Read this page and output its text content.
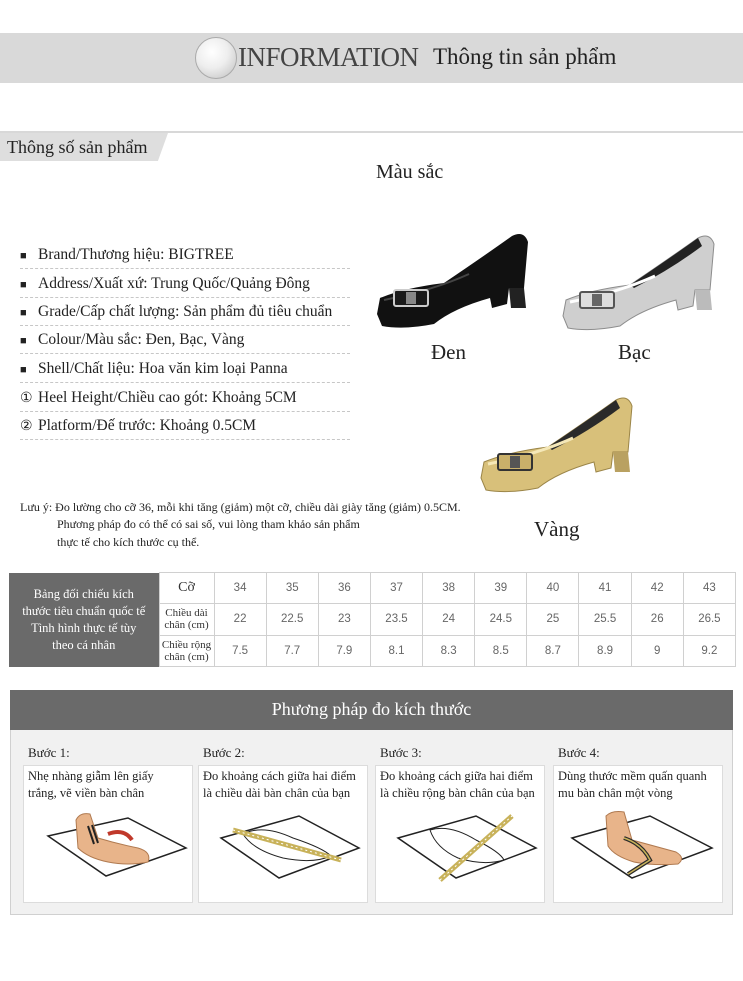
INFORMATION Thông tin sản phẩm
Thông số sản phẩm
Màu sắc
■ Brand/Thương hiệu: BIGTREE
■ Address/Xuất xứ: Trung Quốc/Quảng Đông
■ Grade/Cấp chất lượng: Sản phẩm đủ tiêu chuẩn
■ Colour/Màu sắc: Đen, Bạc, Vàng
■ Shell/Chất liệu: Hoa văn kim loại Panna
① Heel Height/Chiều cao gót: Khoảng 5CM
② Platform/Đế trước: Khoảng 0.5CM
Đen	Bạc
Vàng
Lưu ý: Đo lường cho cỡ 36, mỗi khi tăng (giảm) một cỡ, chiều dài giày tăng (giảm) 0.5CM.
Phương pháp đo có thể có sai số, vui lòng tham khảo sản phẩm
thực tế cho kích thước cụ thể.
Bảng đối chiếu kích
thước tiêu chuẩn quốc tế
Tình hình thực tế tùy
theo cá nhân	Cỡ	34	35	36	37	38	39	40	41	42	43

	Chiều dài
chân (cm)	22	22.5	23	23.5	24	24.5	25	25.5	26	26.5

	Chiều rộng
chân (cm)	7.5	7.7	7.9	8.1	8.3	8.5	8.7	8.9	9	9.2
Phương pháp đo kích thước
Bước 1:	Bước 2:	Bước 3:	Bước 4:
Nhẹ nhàng giẫm lên giấy
trắng, vẽ viền bàn chân
Đo khoảng cách giữa hai điểm
là chiều dài bàn chân của bạn
Đo khoảng cách giữa hai điểm
là chiều rộng bàn chân của bạn
Dùng thước mềm quấn quanh
mu bàn chân một vòng
